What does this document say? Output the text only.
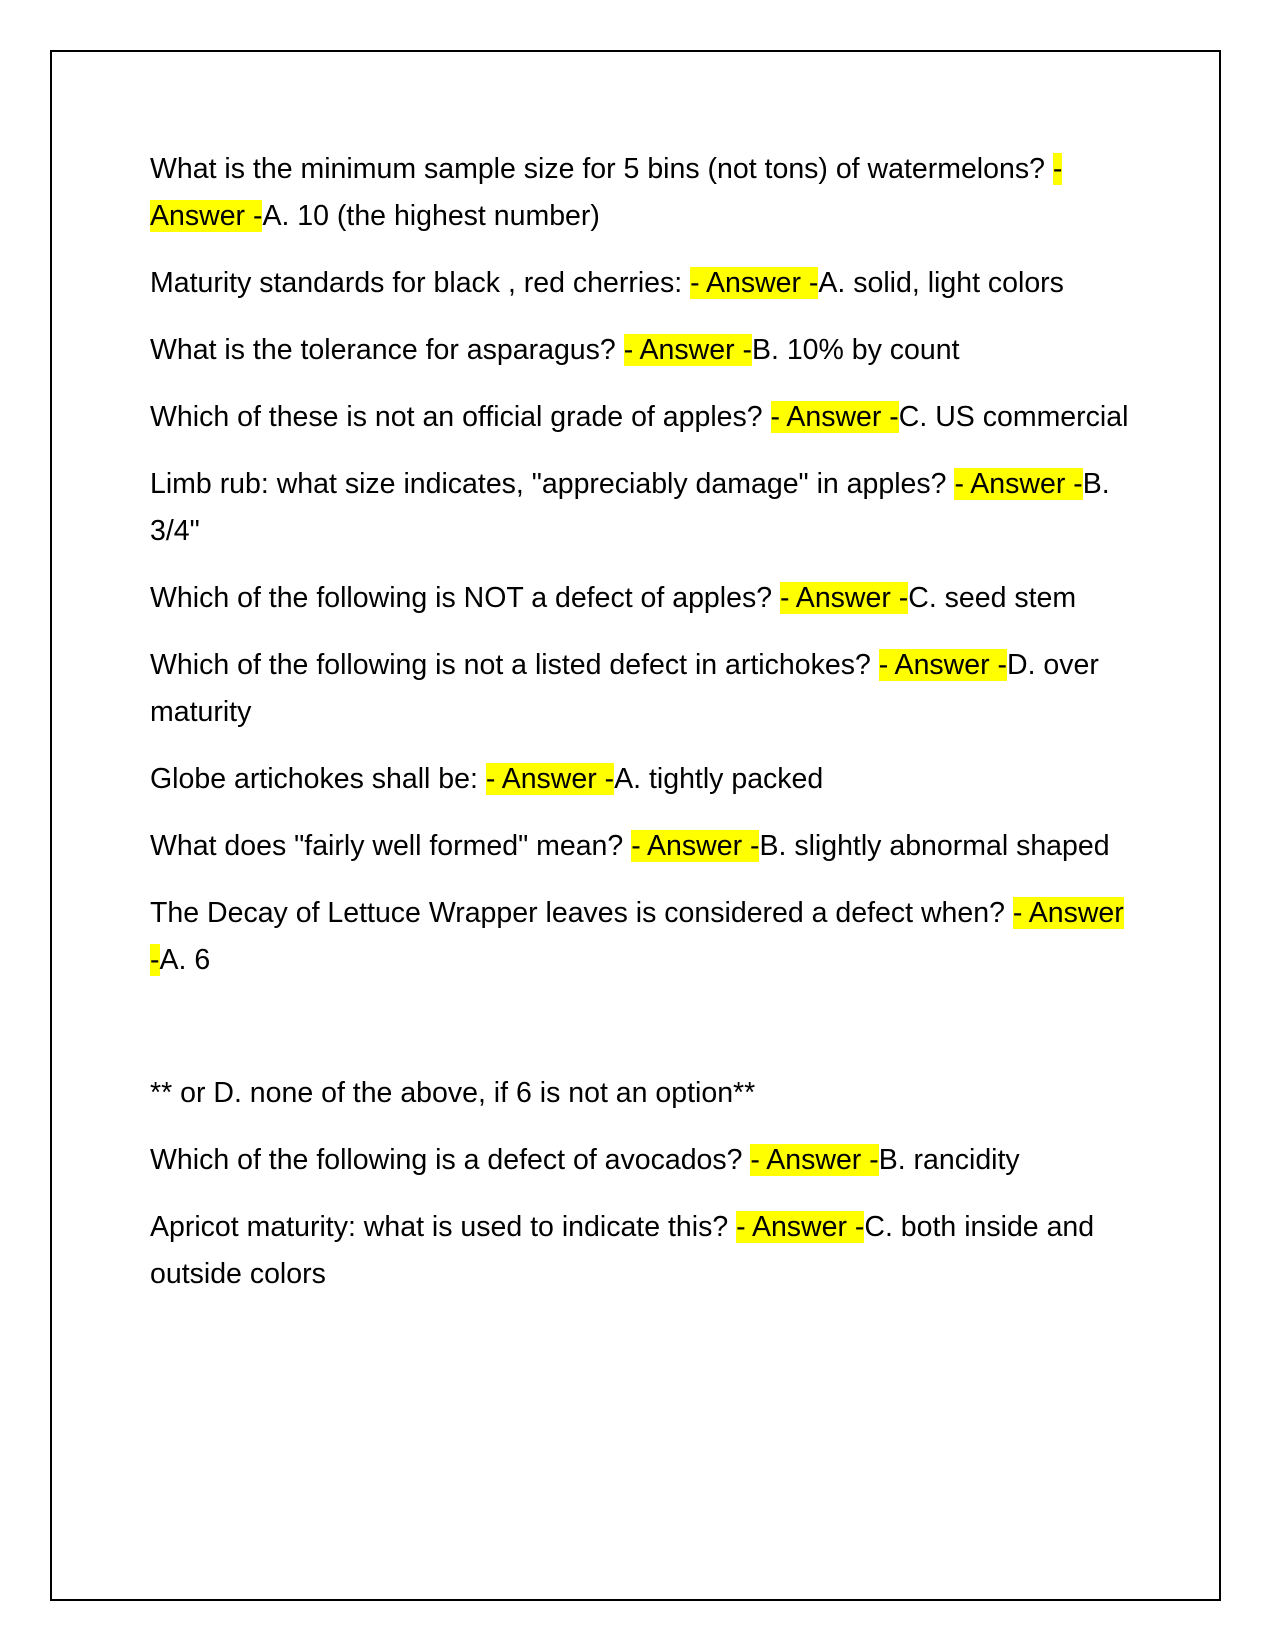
What is the minimum sample size for 5 bins (not tons) of watermelons? - Answer -A. 10 (the highest number)

Maturity standards for black , red cherries: - Answer -A. solid, light colors

What is the tolerance for asparagus? - Answer -B. 10% by count

Which of these is not an official grade of apples? - Answer -C. US commercial

Limb rub: what size indicates, "appreciably damage" in apples? - Answer -B. 3/4"

Which of the following is NOT a defect of apples? - Answer -C. seed stem

Which of the following is not a listed defect in artichokes? - Answer -D. over maturity

Globe artichokes shall be: - Answer -A. tightly packed

What does "fairly well formed" mean? - Answer -B. slightly abnormal shaped

The Decay of Lettuce Wrapper leaves is considered a defect when? - Answer -A. 6

** or D. none of the above, if 6 is not an option**

Which of the following is a defect of avocados? - Answer -B. rancidity

Apricot maturity: what is used to indicate this? - Answer -C. both inside and outside colors
